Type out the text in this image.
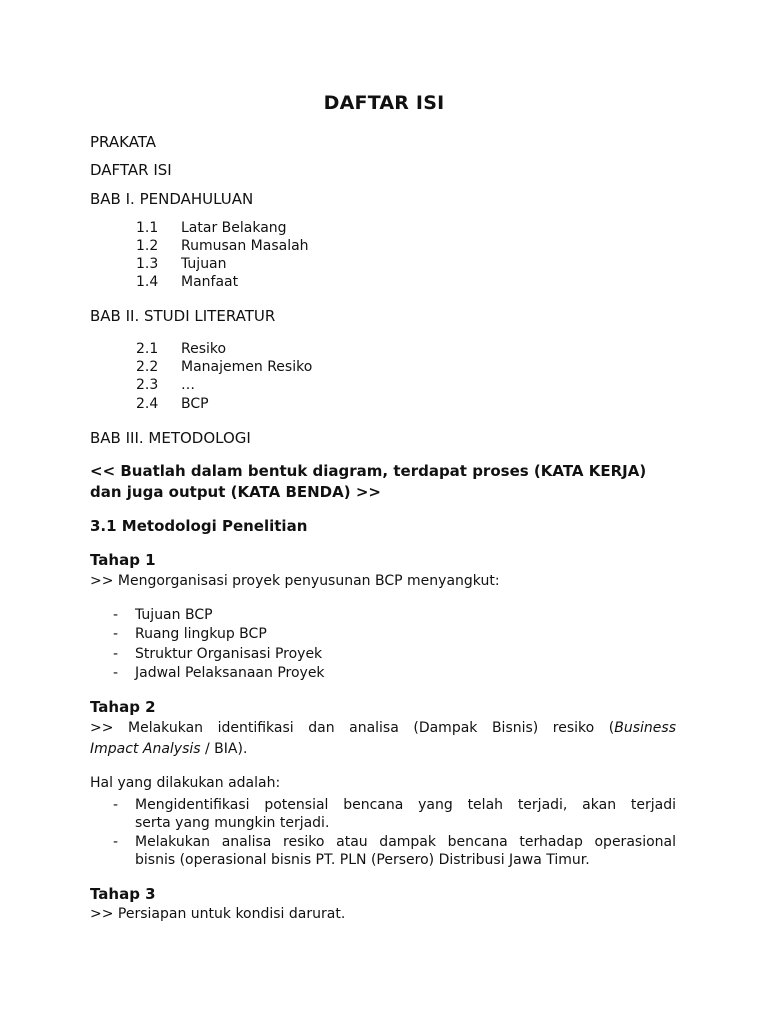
DAFTAR ISI
PRAKATA
DAFTAR ISI
BAB I. PENDAHULUAN
1.1 Latar Belakang
1.2 Rumusan Masalah
1.3 Tujuan
1.4 Manfaat
BAB II. STUDI LITERATUR
2.1 Resiko
2.2 Manajemen Resiko
2.3 …
2.4 BCP
BAB III. METODOLOGI
<< Buatlah dalam bentuk diagram, terdapat proses (KATA KERJA)
dan juga output (KATA BENDA) >>
3.1 Metodologi Penelitian
Tahap 1
>> Mengorganisasi proyek penyusunan BCP menyangkut:
- Tujuan BCP
- Ruang lingkup BCP
- Struktur Organisasi Proyek
- Jadwal Pelaksanaan Proyek
Tahap 2
>> Melakukan identifikasi dan analisa (Dampak Bisnis) resiko (Business
Impact Analysis / BIA).
Hal yang dilakukan adalah:
- Mengidentifikasi potensial bencana yang telah terjadi, akan terjadi
serta yang mungkin terjadi.
- Melakukan analisa resiko atau dampak bencana terhadap operasional
bisnis (operasional bisnis PT. PLN (Persero) Distribusi Jawa Timur.
Tahap 3
>> Persiapan untuk kondisi darurat.
